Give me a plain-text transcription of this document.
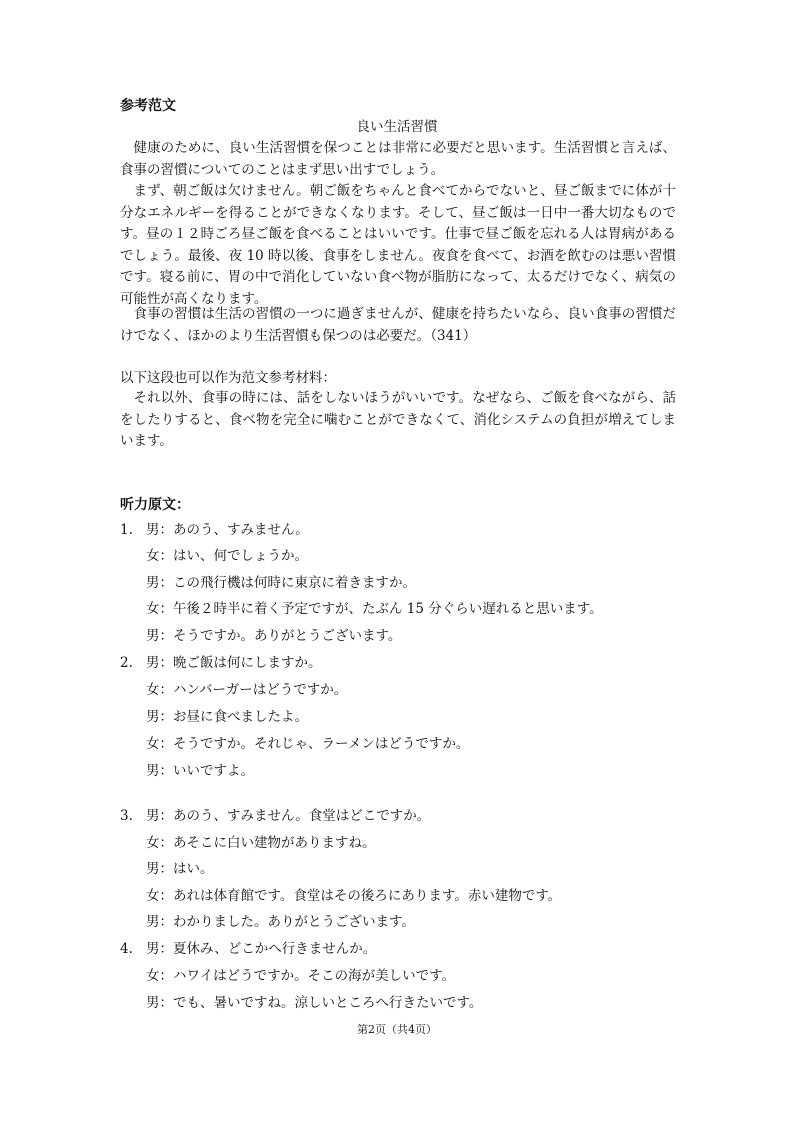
参考范文
良い生活習慣

健康のために、良い生活習慣を保つことは非常に必要だと思います。生活習慣と言えば、食事の習慣についてのことはまず思い出すでしょう。

まず、朝ご飯は欠けません。朝ご飯をちゃんと食べてからでないと、昼ご飯までに体が十分なエネルギーを得ることができなくなります。そして、昼ご飯は一日中一番大切なものです。昼の１２時ごろ昼ご飯を食べることはいいです。仕事で昼ご飯を忘れる人は胃病があるでしょう。最後、夜 10 時以後、食事をしません。夜食を食べて、お酒を飲むのは悪い習慣です。寝る前に、胃の中で消化していない食べ物が脂肪になって、太るだけでなく、病気の可能性が高くなります。

食事の習慣は生活の習慣の一つに過ぎませんが、健康を持ちたいなら、良い食事の習慣だけでなく、ほかのより生活習慣も保つのは必要だ。（341）

以下这段也可以作为范文参考材料：

それ以外、食事の時には、話をしないほうがいいです。なぜなら、ご飯を食べながら、話をしたりすると、食べ物を完全に噛むことができなくて、消化システムの負担が増えてしまいます。

听力原文：
1. 男：あのう、すみません。
女：はい、何でしょうか。
男：この飛行機は何時に東京に着きますか。
女：午後２時半に着く予定ですが、たぶん 15 分ぐらい遅れると思います。
男：そうですか。ありがとうございます。
2. 男：晩ご飯は何にしますか。
女：ハンバーガーはどうですか。
男：お昼に食べましたよ。
女：そうですか。それじゃ、ラーメンはどうですか。
男：いいですよ。
3. 男：あのう、すみません。食堂はどこですか。
女：あそこに白い建物がありますね。
男：はい。
女：あれは体育館です。食堂はその後ろにあります。赤い建物です。
男：わかりました。ありがとうございます。
4. 男：夏休み、どこかへ行きませんか。
女：ハワイはどうですか。そこの海が美しいです。
男：でも、暑いですね。涼しいところへ行きたいです。
第2页（共4页）
